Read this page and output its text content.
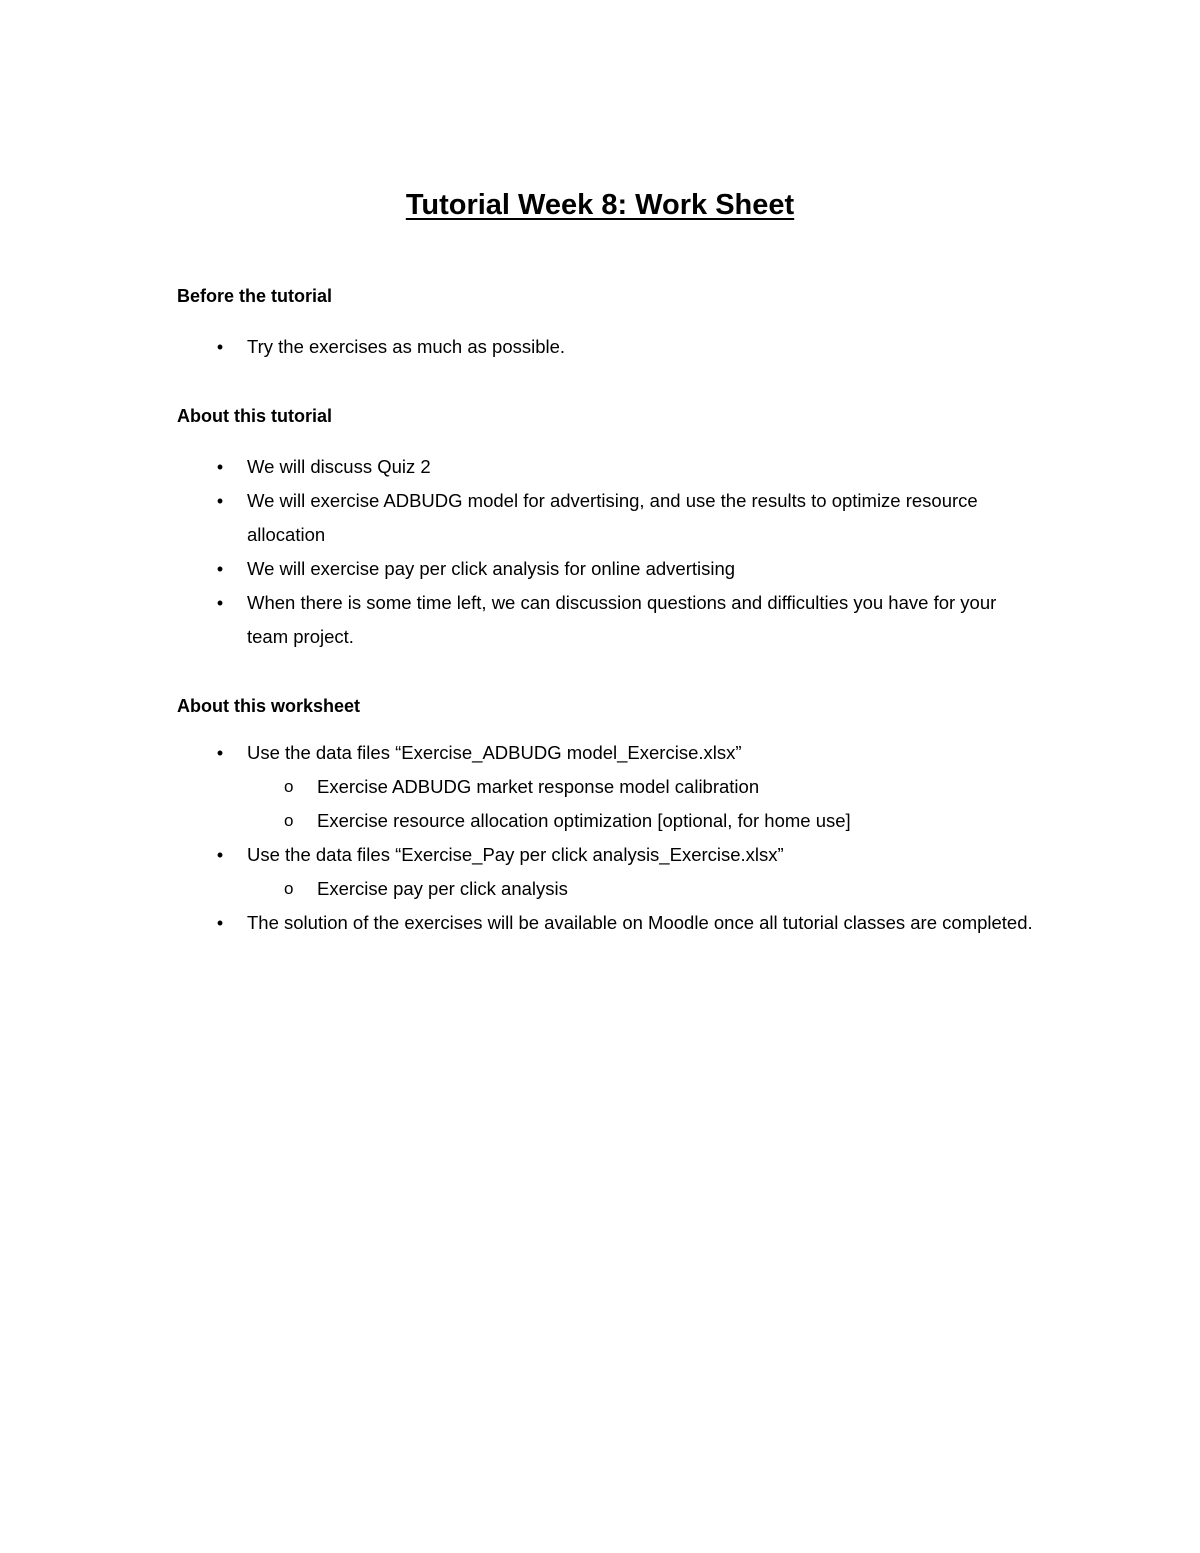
Tutorial Week 8: Work Sheet

Before the tutorial

• Try the exercises as much as possible.

About this tutorial

• We will discuss Quiz 2
• We will exercise ADBUDG model for advertising, and use the results to optimize resource allocation
• We will exercise pay per click analysis for online advertising
• When there is some time left, we can discussion questions and difficulties you have for your team project.

About this worksheet

• Use the data files “Exercise_ADBUDG model_Exercise.xlsx”
o Exercise ADBUDG market response model calibration
o Exercise resource allocation optimization [optional, for home use]
• Use the data files “Exercise_Pay per click analysis_Exercise.xlsx”
o Exercise pay per click analysis
• The solution of the exercises will be available on Moodle once all tutorial classes are completed.
